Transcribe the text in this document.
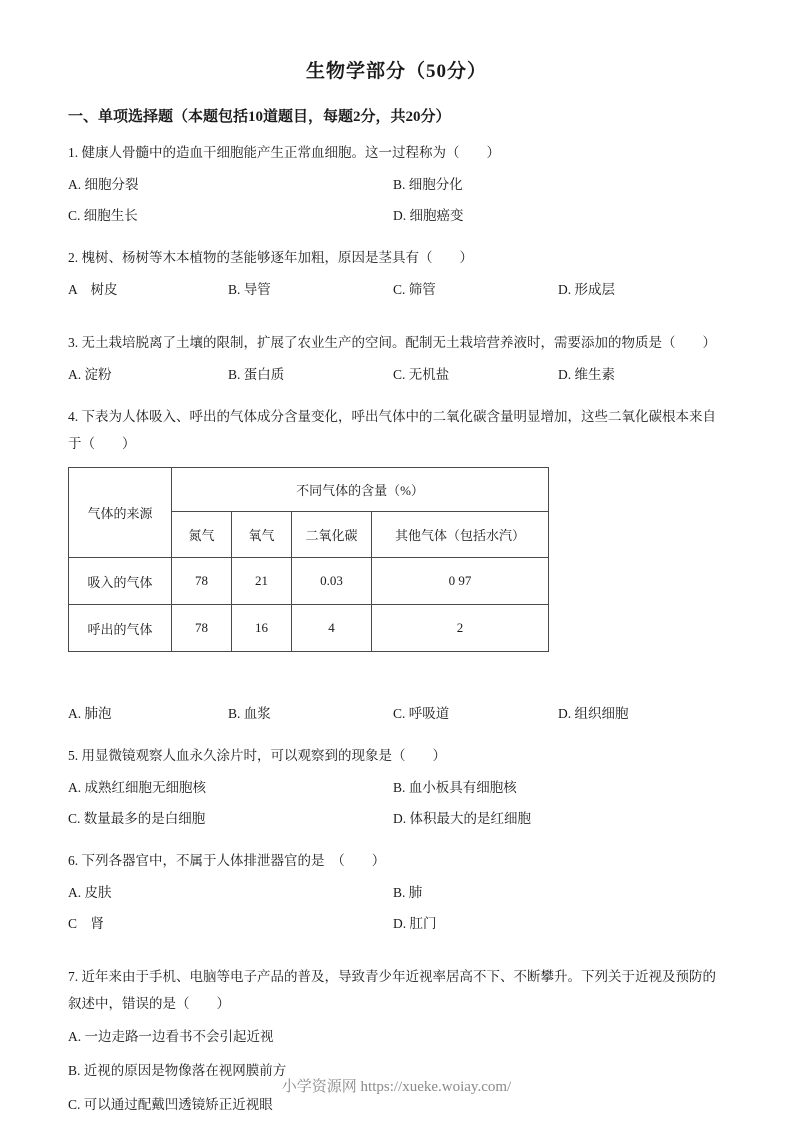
生物学部分（50分）
一、单项选择题（本题包括10道题目，每题2分，共20分）

1. 健康人骨髓中的造血干细胞能产生正常血细胞。这一过程称为（　　）

A. 细胞分裂	B. 细胞分化
C. 细胞生长	D. 细胞癌变

2. 槐树、杨树等木本植物的茎能够逐年加粗，原因是茎具有（　　）

A　树皮	B. 导管	C. 筛管	D. 形成层

3. 无土栽培脱离了土壤的限制，扩展了农业生产的空间。配制无土栽培营养液时，需要添加的物质是（　　）

A. 淀粉	B. 蛋白质	C. 无机盐	D. 维生素

4. 下表为人体吸入、呼出的气体成分含量变化，呼出气体中的二氧化碳含量明显增加，这些二氧化碳根本来自于（　　）

气体的来源	不同气体的含量（%）			
	氮气	氧气	二氧化碳	其他气体（包括水汽）
吸入的气体	78	21	0.03	0 97
呼出的气体	78	16	4	2
A. 肺泡	B. 血浆	C. 呼吸道	D. 组织细胞

5. 用显微镜观察人血永久涂片时，可以观察到的现象是（　　）

A. 成熟红细胞无细胞核	B. 血小板具有细胞核
C. 数量最多的是白细胞	D. 体积最大的是红细胞

6. 下列各器官中，不属于人体排泄器官的是　（　　）

A. 皮肤	B. 肺
C　肾	D. 肛门

7. 近年来由于手机、电脑等电子产品的普及，导致青少年近视率居高不下、不断攀升。下列关于近视及预防的叙述中，错误的是（　　）

A. 一边走路一边看书不会引起近视
B. 近视的原因是物像落在视网膜前方
C. 可以通过配戴凹透镜矫正近视眼
小学资源网 https://xueke.woiay.com/
